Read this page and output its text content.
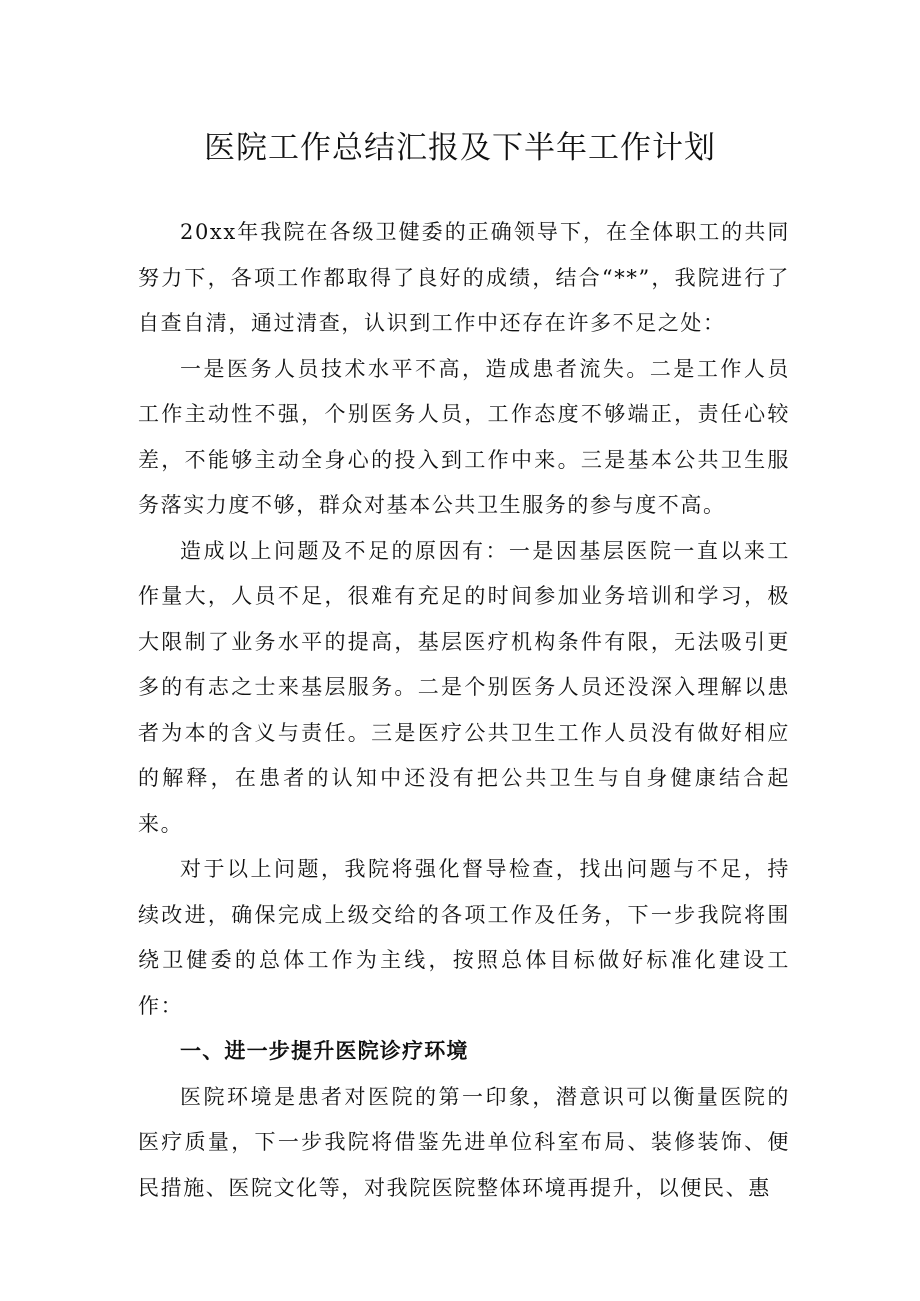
医院工作总结汇报及下半年工作计划

20xx年我院在各级卫健委的正确领导下，在全体职工的共同努力下，各项工作都取得了良好的成绩，结合“**”，我院进行了自查自清，通过清查，认识到工作中还存在许多不足之处：

一是医务人员技术水平不高，造成患者流失。二是工作人员工作主动性不强，个别医务人员，工作态度不够端正，责任心较差，不能够主动全身心的投入到工作中来。三是基本公共卫生服务落实力度不够，群众对基本公共卫生服务的参与度不高。

造成以上问题及不足的原因有：一是因基层医院一直以来工作量大，人员不足，很难有充足的时间参加业务培训和学习，极大限制了业务水平的提高，基层医疗机构条件有限，无法吸引更多的有志之士来基层服务。二是个别医务人员还没深入理解以患者为本的含义与责任。三是医疗公共卫生工作人员没有做好相应的解释，在患者的认知中还没有把公共卫生与自身健康结合起来。

对于以上问题，我院将强化督导检查，找出问题与不足，持续改进，确保完成上级交给的各项工作及任务，下一步我院将围绕卫健委的总体工作为主线，按照总体目标做好标准化建设工作：

一、进一步提升医院诊疗环境

医院环境是患者对医院的第一印象，潜意识可以衡量医院的医疗质量，下一步我院将借鉴先进单位科室布局、装修装饰、便民措施、医院文化等，对我院医院整体环境再提升，以便民、惠
